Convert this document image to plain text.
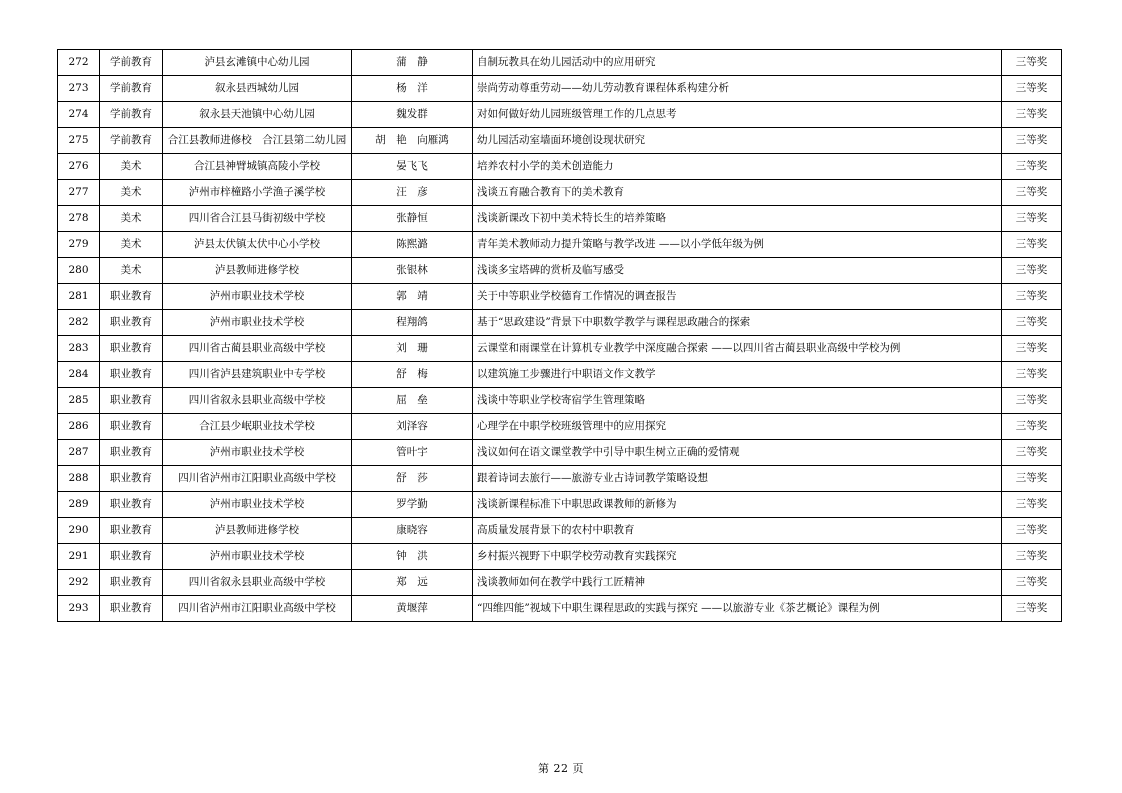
272	学前教育	泸县玄滩镇中心幼儿园	蒲　静	自制玩教具在幼儿园活动中的应用研究	三等奖
273	学前教育	叙永县西城幼儿园	杨　洋	崇尚劳动尊重劳动——幼儿劳动教育课程体系构建分析	三等奖
274	学前教育	叙永县天池镇中心幼儿园	魏发群	对如何做好幼儿园班级管理工作的几点思考	三等奖
275	学前教育	合江县教师进修校　合江县第二幼儿园	胡　艳　向雁鸿	幼儿园活动室墙面环境创设现状研究	三等奖
276	美术	合江县神臂城镇高陵小学校	晏飞飞	培养农村小学的美术创造能力	三等奖
277	美术	泸州市梓橦路小学渔子溪学校	汪　彦	浅谈五育融合教育下的美术教育	三等奖
278	美术	四川省合江县马街初级中学校	张静恒	浅谈新课改下初中美术特长生的培养策略	三等奖
279	美术	泸县太伏镇太伏中心小学校	陈熙潞	青年美术教师动力提升策略与教学改进 ——以小学低年级为例	三等奖
280	美术	泸县教师进修学校	张银林	浅谈多宝塔碑的赏析及临写感受	三等奖
281	职业教育	泸州市职业技术学校	郭　靖	关于中等职业学校德育工作情况的调查报告	三等奖
282	职业教育	泸州市职业技术学校	程翔鸽	基于“思政建设”背景下中职数学教学与课程思政融合的探索	三等奖
283	职业教育	四川省古蔺县职业高级中学校	刘　珊	云课堂和雨课堂在计算机专业教学中深度融合探索 ——以四川省古蔺县职业高级中学校为例	三等奖
284	职业教育	四川省泸县建筑职业中专学校	舒　梅	以建筑施工步骤进行中职语文作文教学	三等奖
285	职业教育	四川省叙永县职业高级中学校	屈　垒	浅谈中等职业学校寄宿学生管理策略	三等奖
286	职业教育	合江县少岷职业技术学校	刘泽容	心理学在中职学校班级管理中的应用探究	三等奖
287	职业教育	泸州市职业技术学校	管叶宇	浅议如何在语文课堂教学中引导中职生树立正确的爱情观	三等奖
288	职业教育	四川省泸州市江阳职业高级中学校	舒　莎	跟着诗词去旅行——旅游专业古诗词教学策略设想	三等奖
289	职业教育	泸州市职业技术学校	罗学勤	浅谈新课程标准下中职思政课教师的新修为	三等奖
290	职业教育	泸县教师进修学校	康晓容	高质量发展背景下的农村中职教育	三等奖
291	职业教育	泸州市职业技术学校	钟　洪	乡村振兴视野下中职学校劳动教育实践探究	三等奖
292	职业教育	四川省叙永县职业高级中学校	郑　远	浅谈教师如何在教学中践行工匠精神	三等奖
293	职业教育	四川省泸州市江阳职业高级中学校	黄堰萍	“四维四能”视域下中职生课程思政的实践与探究 ——以旅游专业《茶艺概论》课程为例	三等奖
第 22 页
